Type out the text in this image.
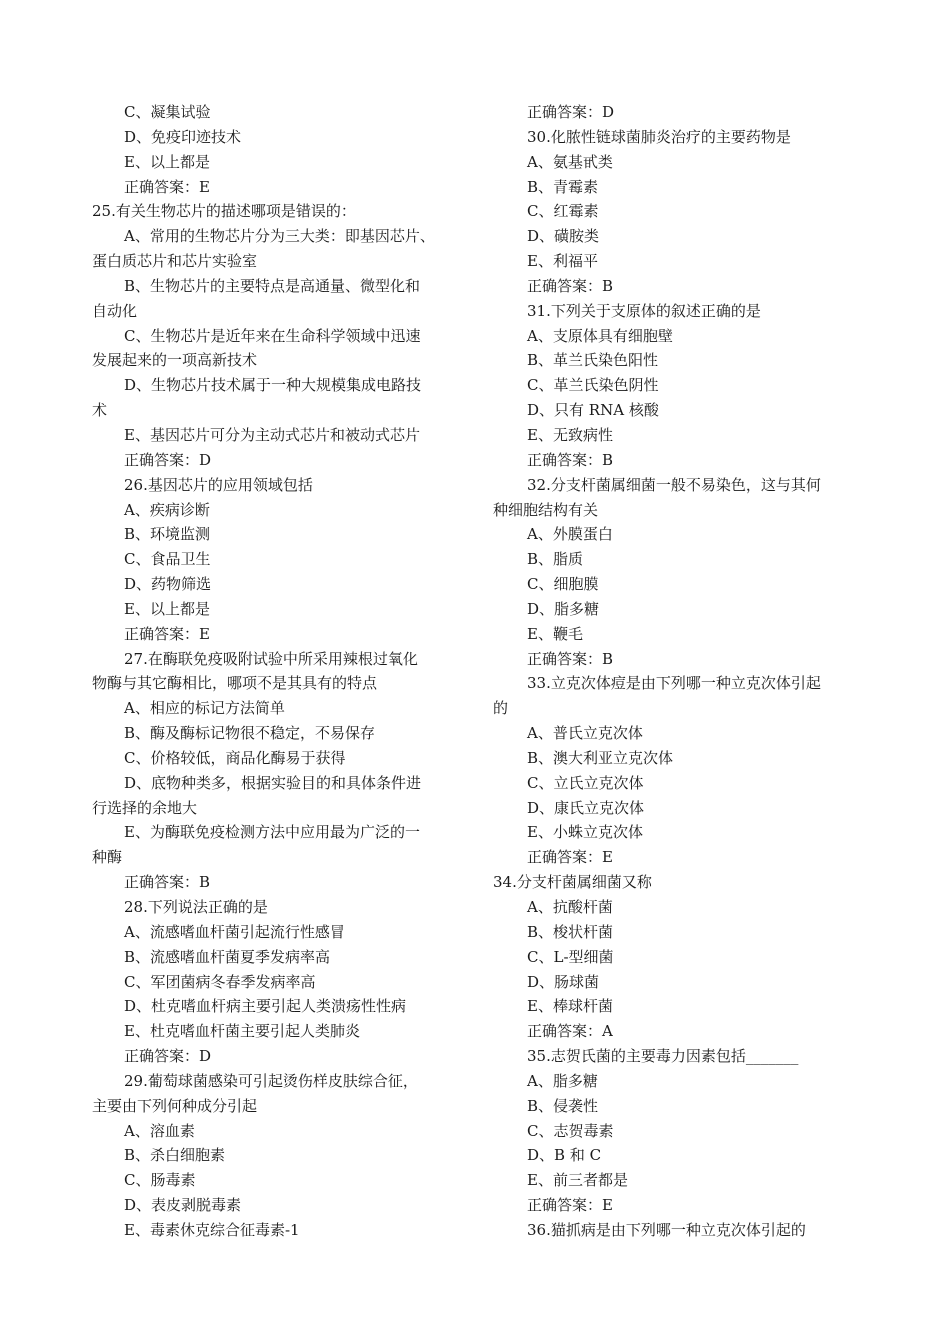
C、凝集试验
D、免疫印迹技术
E、以上都是
正确答案：E
25.有关生物芯片的描述哪项是错误的：
A、常用的生物芯片分为三大类：即基因芯片、
蛋白质芯片和芯片实验室
B、生物芯片的主要特点是高通量、微型化和
自动化
C、生物芯片是近年来在生命科学领域中迅速
发展起来的一项高新技术
D、生物芯片技术属于一种大规模集成电路技
术
E、基因芯片可分为主动式芯片和被动式芯片
正确答案：D
26.基因芯片的应用领域包括
A、疾病诊断
B、环境监测
C、食品卫生
D、药物筛选
E、以上都是
正确答案：E
27.在酶联免疫吸附试验中所采用辣根过氧化
物酶与其它酶相比，哪项不是其具有的特点
A、相应的标记方法简单
B、酶及酶标记物很不稳定，不易保存
C、价格较低，商品化酶易于获得
D、底物种类多，根据实验目的和具体条件进
行选择的余地大
E、为酶联免疫检测方法中应用最为广泛的一
种酶
正确答案：B
28.下列说法正确的是
A、流感嗜血杆菌引起流行性感冒
B、流感嗜血杆菌夏季发病率高
C、军团菌病冬春季发病率高
D、杜克嗜血杆病主要引起人类溃疡性性病
E、杜克嗜血杆菌主要引起人类肺炎
正确答案：D
29.葡萄球菌感染可引起烫伤样皮肤综合征，
主要由下列何种成分引起
A、溶血素
B、杀白细胞素
C、肠毒素
D、表皮剥脱毒素
E、毒素休克综合征毒素-1
正确答案：D
30.化脓性链球菌肺炎治疗的主要药物是
A、氨基甙类
B、青霉素
C、红霉素
D、磺胺类
E、利福平
正确答案：B
31.下列关于支原体的叙述正确的是
A、支原体具有细胞壁
B、革兰氏染色阳性
C、革兰氏染色阴性
D、只有 RNA 核酸
E、无致病性
正确答案：B
32.分支杆菌属细菌一般不易染色，这与其何
种细胞结构有关
A、外膜蛋白
B、脂质
C、细胞膜
D、脂多糖
E、鞭毛
正确答案：B
33.立克次体痘是由下列哪一种立克次体引起
的
A、普氏立克次体
B、澳大利亚立克次体
C、立氏立克次体
D、康氏立克次体
E、小蛛立克次体
正确答案：E
34.分支杆菌属细菌又称
A、抗酸杆菌
B、梭状杆菌
C、L-型细菌
D、肠球菌
E、棒球杆菌
正确答案：A
35.志贺氏菌的主要毒力因素包括_______
A、脂多糖
B、侵袭性
C、志贺毒素
D、B 和 C
E、前三者都是
正确答案：E
36.猫抓病是由下列哪一种立克次体引起的
